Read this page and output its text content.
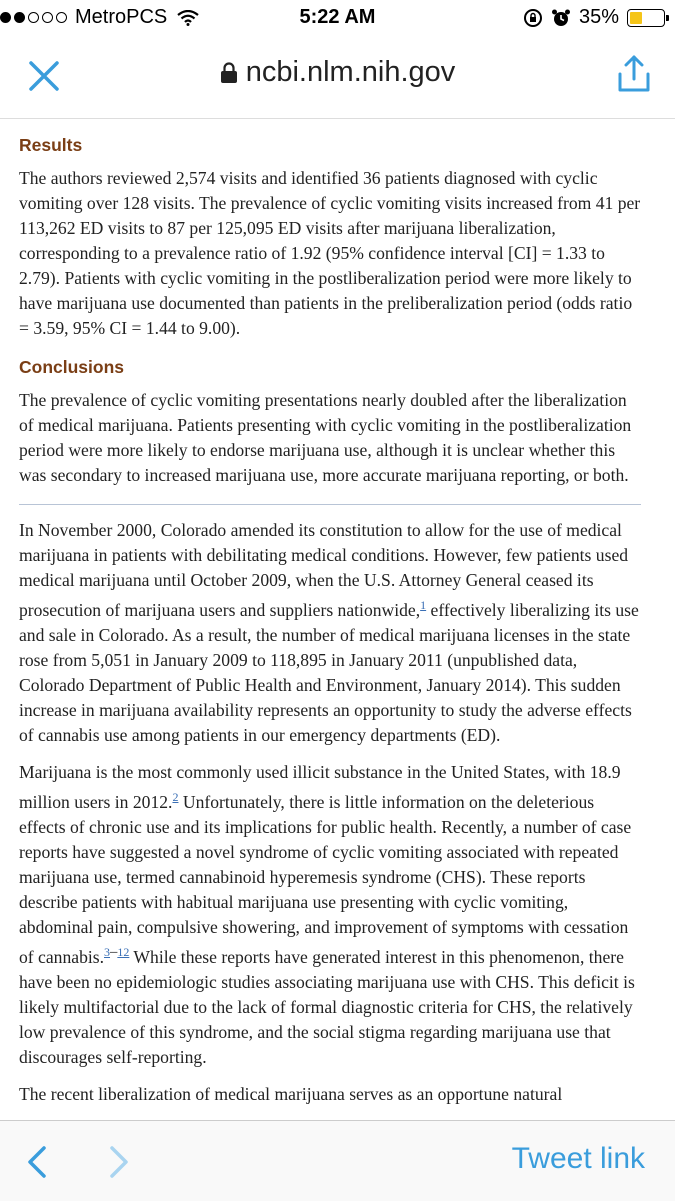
MetroPCS	5:22 AM	35%
ncbi.nlm.nih.gov
Results

The authors reviewed 2,574 visits and identified 36 patients diagnosed with cyclic vomiting over 128 visits. The prevalence of cyclic vomiting visits increased from 41 per 113,262 ED visits to 87 per 125,095 ED visits after marijuana liberalization, corresponding to a prevalence ratio of 1.92 (95% confidence interval [CI] = 1.33 to 2.79). Patients with cyclic vomiting in the postliberalization period were more likely to have marijuana use documented than patients in the preliberalization period (odds ratio = 3.59, 95% CI = 1.44 to 9.00).

Conclusions

The prevalence of cyclic vomiting presentations nearly doubled after the liberalization of medical marijuana. Patients presenting with cyclic vomiting in the postliberalization period were more likely to endorse marijuana use, although it is unclear whether this was secondary to increased marijuana use, more accurate marijuana reporting, or both.

In November 2000, Colorado amended its constitution to allow for the use of medical marijuana in patients with debilitating medical conditions. However, few patients used medical marijuana until October 2009, when the U.S. Attorney General ceased its prosecution of marijuana users and suppliers nationwide,$^1$ effectively liberalizing its use and sale in Colorado. As a result, the number of medical marijuana licenses in the state rose from 5,051 in January 2009 to 118,895 in January 2011 (unpublished data, Colorado Department of Public Health and Environment, January 2014). This sudden increase in marijuana availability represents an opportunity to study the adverse effects of cannabis use among patients in our emergency departments (ED).

Marijuana is the most commonly used illicit substance in the United States, with 18.9 million users in 2012.$^2$ Unfortunately, there is little information on the deleterious effects of chronic use and its implications for public health. Recently, a number of case reports have suggested a novel syndrome of cyclic vomiting associated with repeated marijuana use, termed cannabinoid hyperemesis syndrome (CHS). These reports describe patients with habitual marijuana use presenting with cyclic vomiting, abdominal pain, compulsive showering, and improvement of symptoms with cessation of cannabis.$^{3-12}$ While these reports have generated interest in this phenomenon, there have been no epidemiologic studies associating marijuana use with CHS. This deficit is likely multifactorial due to the lack of formal diagnostic criteria for CHS, the relatively low prevalence of this syndrome, and the social stigma regarding marijuana use that discourages self-reporting.

The recent liberalization of medical marijuana serves as an opportune natural

Tweet link
